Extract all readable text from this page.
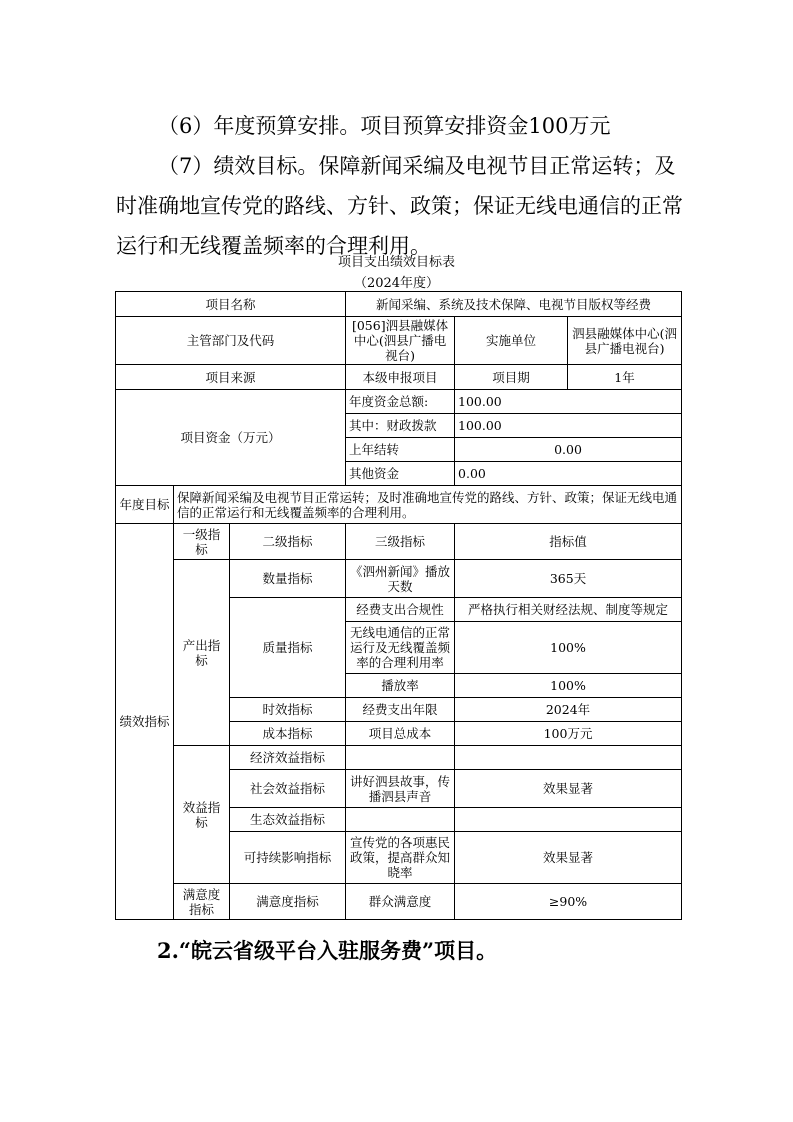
（6）年度预算安排。项目预算安排资金100万元

（7）绩效目标。保障新闻采编及电视节目正常运转；及时准确地宣传党的路线、方针、政策；保证无线电通信的正常运行和无线覆盖频率的合理利用。

项目支出绩效目标表
（2024年度）
项目名称			新闻采编、系统及技术保障、电视节目版权等经费		
主管部门及代码			[056]泗县融媒体中心(泗县广播电视台)	实施单位	泗县融媒体中心(泗县广播电视台)
项目来源			本级申报项目	项目期	1年
项目资金（万元）			年度资金总额:	100.00	
			其中：财政拨款	100.00	
			上年结转	0.00	
			其他资金	0.00	
年度目标	保障新闻采编及电视节目正常运转；及时准确地宣传党的路线、方针、政策；保证无线电通信的正常运行和无线覆盖频率的合理利用。				
绩效指标	一级指标	二级指标	三级指标	指标值	
	产出指标	数量指标	《泗州新闻》播放天数	365天	
		质量指标	经费支出合规性	严格执行相关财经法规、制度等规定	
			无线电通信的正常运行及无线覆盖频率的合理利用率	100%	
			播放率	100%	
		时效指标	经费支出年限	2024年	
		成本指标	项目总成本	100万元	
	效益指标	经济效益指标			
		社会效益指标	讲好泗县故事，传播泗县声音	效果显著	
		生态效益指标			
		可持续影响指标	宣传党的各项惠民政策，提高群众知晓率	效果显著	
	满意度指标	满意度指标	群众满意度	≥90%	
2.“皖云省级平台入驻服务费”项目。
